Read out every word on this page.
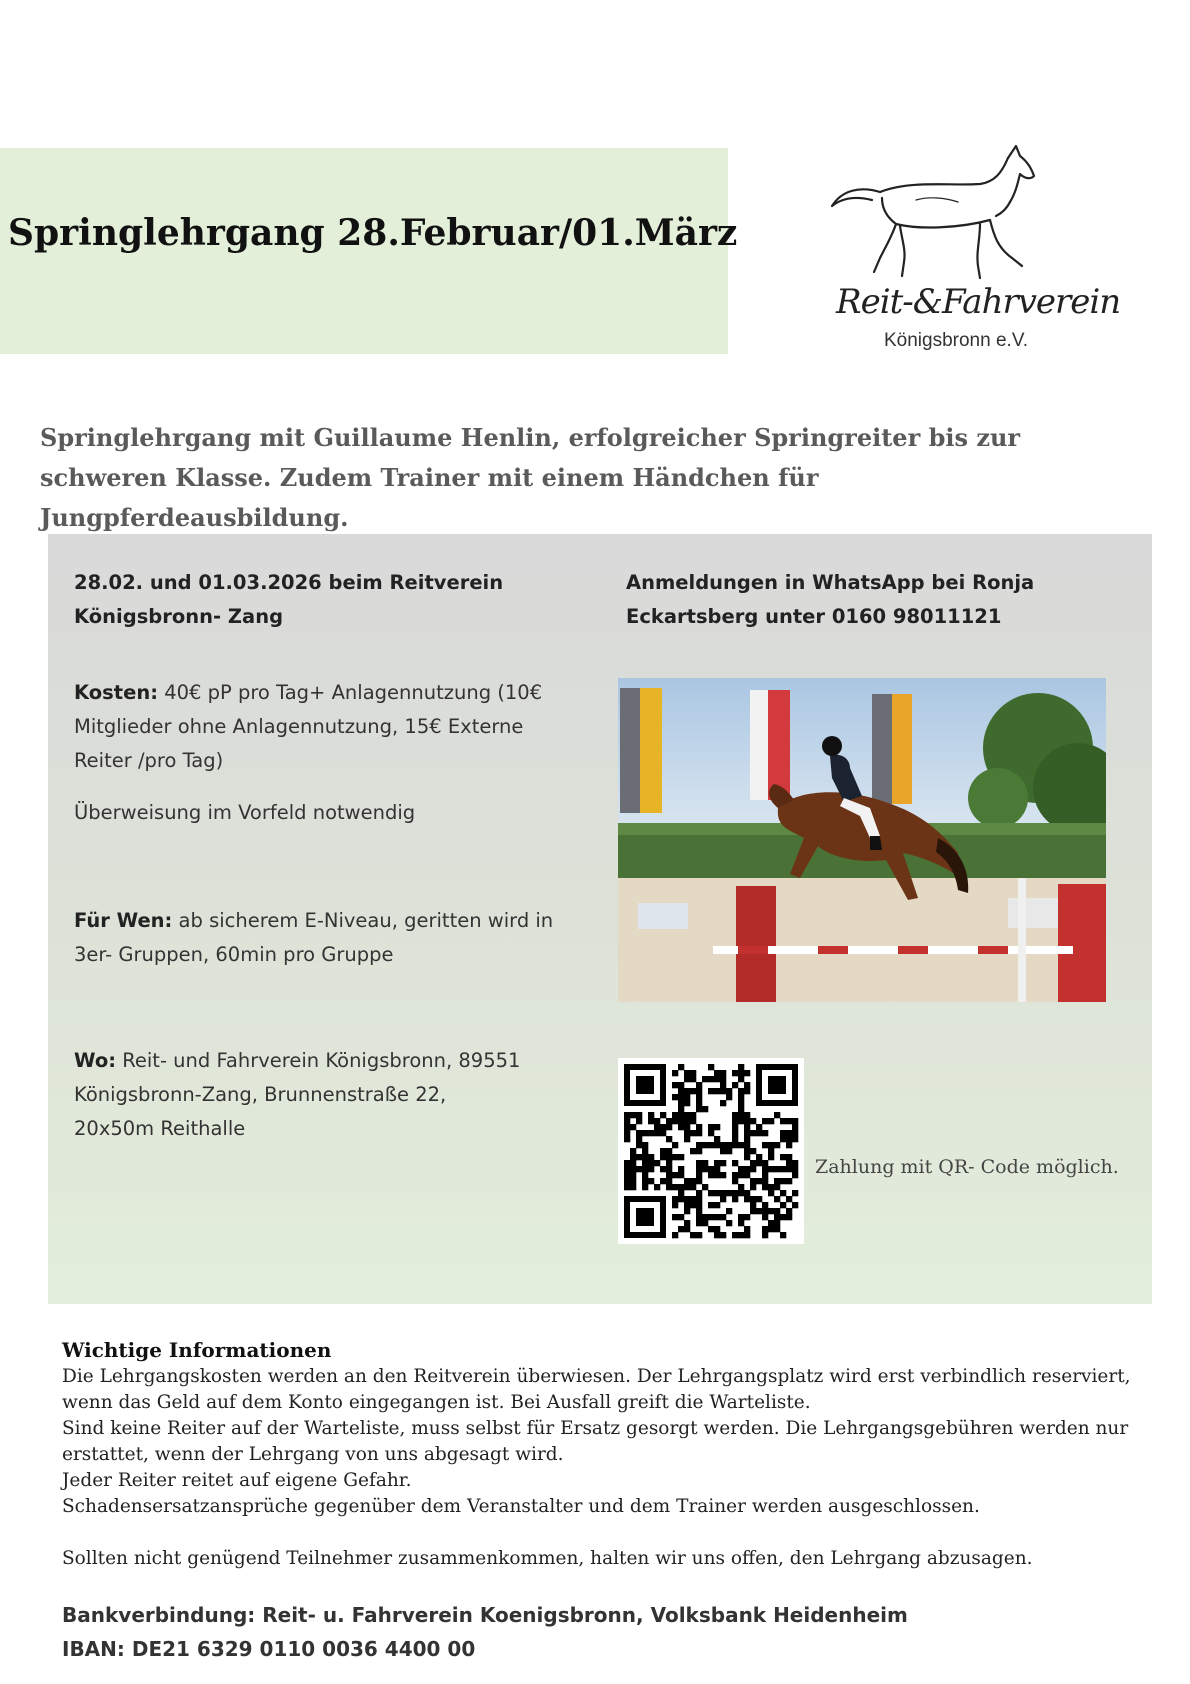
Springlehrgang 28.Februar/01.März
Reit-&Fahrverein
Königsbronn e.V.
Springlehrgang mit Guillaume Henlin, erfolgreicher Springreiter bis zur schweren Klasse. Zudem Trainer mit einem Händchen für Jungpferdeausbildung.
28.02. und 01.03.2026 beim Reitverein
Königsbronn- Zang
Anmeldungen in WhatsApp bei Ronja
Eckartsberg unter 0160 98011121
Kosten: 40€ pP pro Tag+ Anlagennutzung (10€ Mitglieder ohne Anlagennutzung, 15€ Externe Reiter /pro Tag)
Überweisung im Vorfeld notwendig
Für Wen: ab sicherem E-Niveau, geritten wird in 3er- Gruppen, 60min pro Gruppe
Wo: Reit- und Fahrverein Königsbronn, 89551
Königsbronn-Zang, Brunnenstraße 22,
20x50m Reithalle
Zahlung mit QR- Code möglich.
Wichtige Informationen

Die Lehrgangskosten werden an den Reitverein überwiesen. Der Lehrgangsplatz wird erst verbindlich reserviert,

wenn das Geld auf dem Konto eingegangen ist. Bei Ausfall greift die Warteliste.

Sind keine Reiter auf der Warteliste, muss selbst für Ersatz gesorgt werden. Die Lehrgangsgebühren werden nur

erstattet, wenn der Lehrgang von uns abgesagt wird.

Jeder Reiter reitet auf eigene Gefahr.

Schadensersatzansprüche gegenüber dem Veranstalter und dem Trainer werden ausgeschlossen.

Sollten nicht genügend Teilnehmer zusammenkommen, halten wir uns offen, den Lehrgang abzusagen.

Bankverbindung: Reit- u. Fahrverein Koenigsbronn, Volksbank Heidenheim
IBAN: DE21 6329 0110 0036 4400 00
